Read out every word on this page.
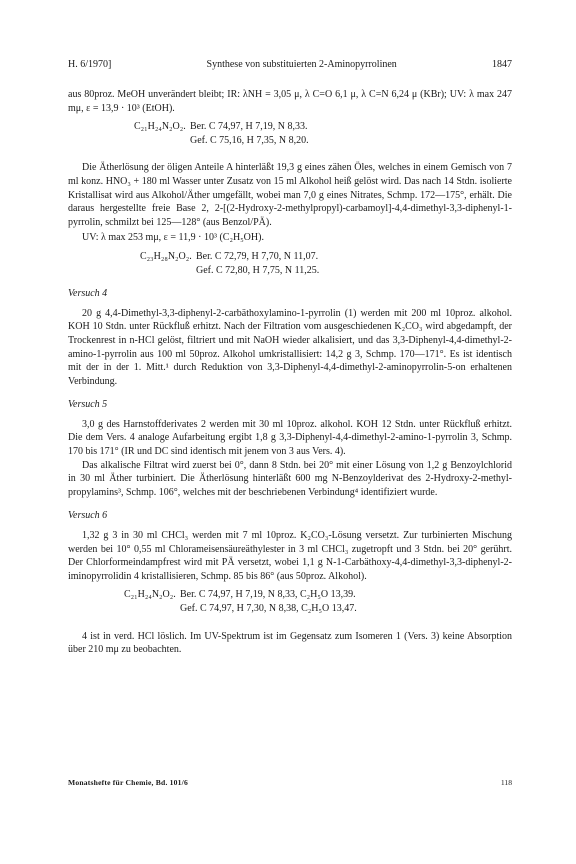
H. 6/1970]	Synthese von substituierten 2-Aminopyrrolinen	1847

aus 80proz. MeOH unverändert bleibt; IR: λNH = 3,05 μ, λ C=O 6,1 μ, λ C=N 6,24 μ (KBr); UV: λ max 247 mμ, ε = 13,9 · 10³ (EtOH).

C₂₁H₂₄N₂O₂. Ber. C 74,97, H 7,19, N 8,33.
Gef. C 75,16, H 7,35, N 8,20.

Die Ätherlösung der öligen Anteile A hinterläßt 19,3 g eines zähen Öles, welches in einem Gemisch von 7 ml konz. HNO₃ + 180 ml Wasser unter Zusatz von 15 ml Alkohol heiß gelöst wird. Das nach 14 Stdn. isolierte Kristallisat wird aus Alkohol/Äther umgefällt, wobei man 7,0 g eines Nitrates, Schmp. 172—175°, erhält. Die daraus hergestellte freie Base 2, 2-[(2-Hydroxy-2-methylpropyl)-carbamoyl]-4,4-dimethyl-3,3-diphenyl-1-pyrrolin, schmilzt bei 125—128° (aus Benzol/PÄ).

UV: λ max 253 mμ, ε = 11,9 · 10³ (C₂H₅OH).

C₂₃H₂₈N₂O₂. Ber. C 72,79, H 7,70, N 11,07.
Gef. C 72,80, H 7,75, N 11,25.
Versuch 4

20 g 4,4-Dimethyl-3,3-diphenyl-2-carbäthoxylamino-1-pyrrolin (1) werden mit 200 ml 10proz. alkohol. KOH 10 Stdn. unter Rückfluß erhitzt. Nach der Filtration vom ausgeschiedenen K₂CO₃ wird abgedampft, der Trockenrest in n-HCl gelöst, filtriert und mit NaOH wieder alkalisiert, und das 3,3-Diphenyl-4,4-dimethyl-2-amino-1-pyrrolin aus 100 ml 50proz. Alkohol umkristallisiert: 14,2 g 3, Schmp. 170—171°. Es ist identisch mit der in der 1. Mitt.¹ durch Reduktion von 3,3-Diphenyl-4,4-dimethyl-2-aminopyrrolin-5-on erhaltenen Verbindung.

Versuch 5

3,0 g des Harnstoffderivates 2 werden mit 30 ml 10proz. alkohol. KOH 12 Stdn. unter Rückfluß erhitzt. Die dem Vers. 4 analoge Aufarbeitung ergibt 1,8 g 3,3-Diphenyl-4,4-dimethyl-2-amino-1-pyrrolin 3, Schmp. 170 bis 171° (IR und DC sind identisch mit jenem von 3 aus Vers. 4).

Das alkalische Filtrat wird zuerst bei 0°, dann 8 Stdn. bei 20° mit einer Lösung von 1,2 g Benzoylchlorid in 30 ml Äther turbiniert. Die Ätherlösung hinterläßt 600 mg N-Benzoylderivat des 2-Hydroxy-2-methyl-propylamins³, Schmp. 106°, welches mit der beschriebenen Verbindung⁴ identifiziert wurde.

Versuch 6

1,32 g 3 in 30 ml CHCl₃ werden mit 7 ml 10proz. K₂CO₃-Lösung versetzt. Zur turbinierten Mischung werden bei 10° 0,55 ml Chlorameisensäureäthylester in 3 ml CHCl₃ zugetropft und 3 Stdn. bei 20° gerührt. Der Chlorformeindampfrest wird mit PÄ versetzt, wobei 1,1 g N-1-Carbäthoxy-4,4-dimethyl-3,3-diphenyl-2-iminopyrrolidin 4 kristallisieren, Schmp. 85 bis 86° (aus 50proz. Alkohol).

C₂₁H₂₄N₂O₂. Ber. C 74,97, H 7,19, N 8,33, C₂H₅O 13,39.
Gef. C 74,97, H 7,30, N 8,38, C₂H₅O 13,47.

4 ist in verd. HCl löslich. Im UV-Spektrum ist im Gegensatz zum Isomeren 1 (Vers. 3) keine Absorption über 210 mμ zu beobachten.

Monatshefte für Chemie, Bd. 101/6	118
